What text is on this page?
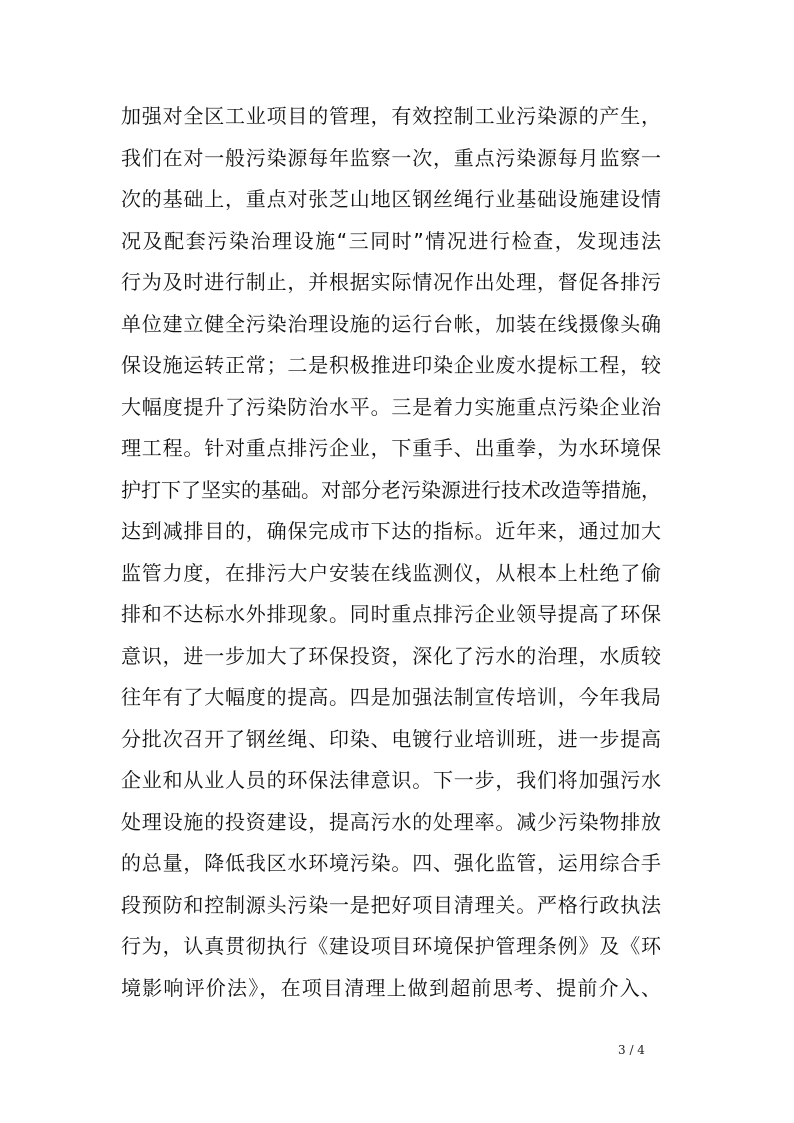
加强对全区工业项目的管理，有效控制工业污染源的产生，
我们在对一般污染源每年监察一次，重点污染源每月监察一
次的基础上，重点对张芝山地区钢丝绳行业基础设施建设情
况及配套污染治理设施“三同时”情况进行检查，发现违法
行为及时进行制止，并根据实际情况作出处理，督促各排污
单位建立健全污染治理设施的运行台帐，加装在线摄像头确
保设施运转正常；二是积极推进印染企业废水提标工程，较
大幅度提升了污染防治水平。三是着力实施重点污染企业治
理工程。针对重点排污企业，下重手、出重拳，为水环境保
护打下了坚实的基础。对部分老污染源进行技术改造等措施，
达到减排目的，确保完成市下达的指标。近年来，通过加大
监管力度，在排污大户安装在线监测仪，从根本上杜绝了偷
排和不达标水外排现象。同时重点排污企业领导提高了环保
意识，进一步加大了环保投资，深化了污水的治理，水质较
往年有了大幅度的提高。四是加强法制宣传培训，今年我局
分批次召开了钢丝绳、印染、电镀行业培训班，进一步提高
企业和从业人员的环保法律意识。下一步，我们将加强污水
处理设施的投资建设，提高污水的处理率。减少污染物排放
的总量，降低我区水环境污染。四、强化监管，运用综合手
段预防和控制源头污染一是把好项目清理关。严格行政执法
行为，认真贯彻执行《建设项目环境保护管理条例》及《环
境影响评价法》，在项目清理上做到超前思考、提前介入、
3 / 4
